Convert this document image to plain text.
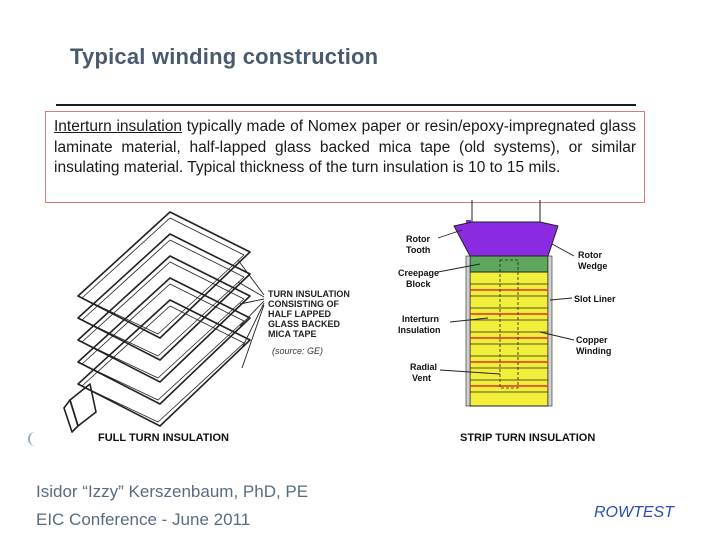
Typical winding construction
Interturn insulation typically made of Nomex paper or resin/epoxy-impregnated glass laminate material, half-lapped glass backed mica tape (old systems), or similar insulating material. Typical thickness of the turn insulation is 10 to 15 mils.
TURN INSULATION
CONSISTING OF
HALF LAPPED
GLASS BACKED
MICA TAPE
(source: GE)
FULL TURN INSULATION
Rotor
Tooth
Creepage
Block
Interturn
Insulation
Radial
Vent
Rotor
Wedge
Slot Liner
Copper
Winding
STRIP TURN INSULATION
Isidor “Izzy” Kerszenbaum, PhD, PE
EIC Conference - June 2011	ROWTEST
